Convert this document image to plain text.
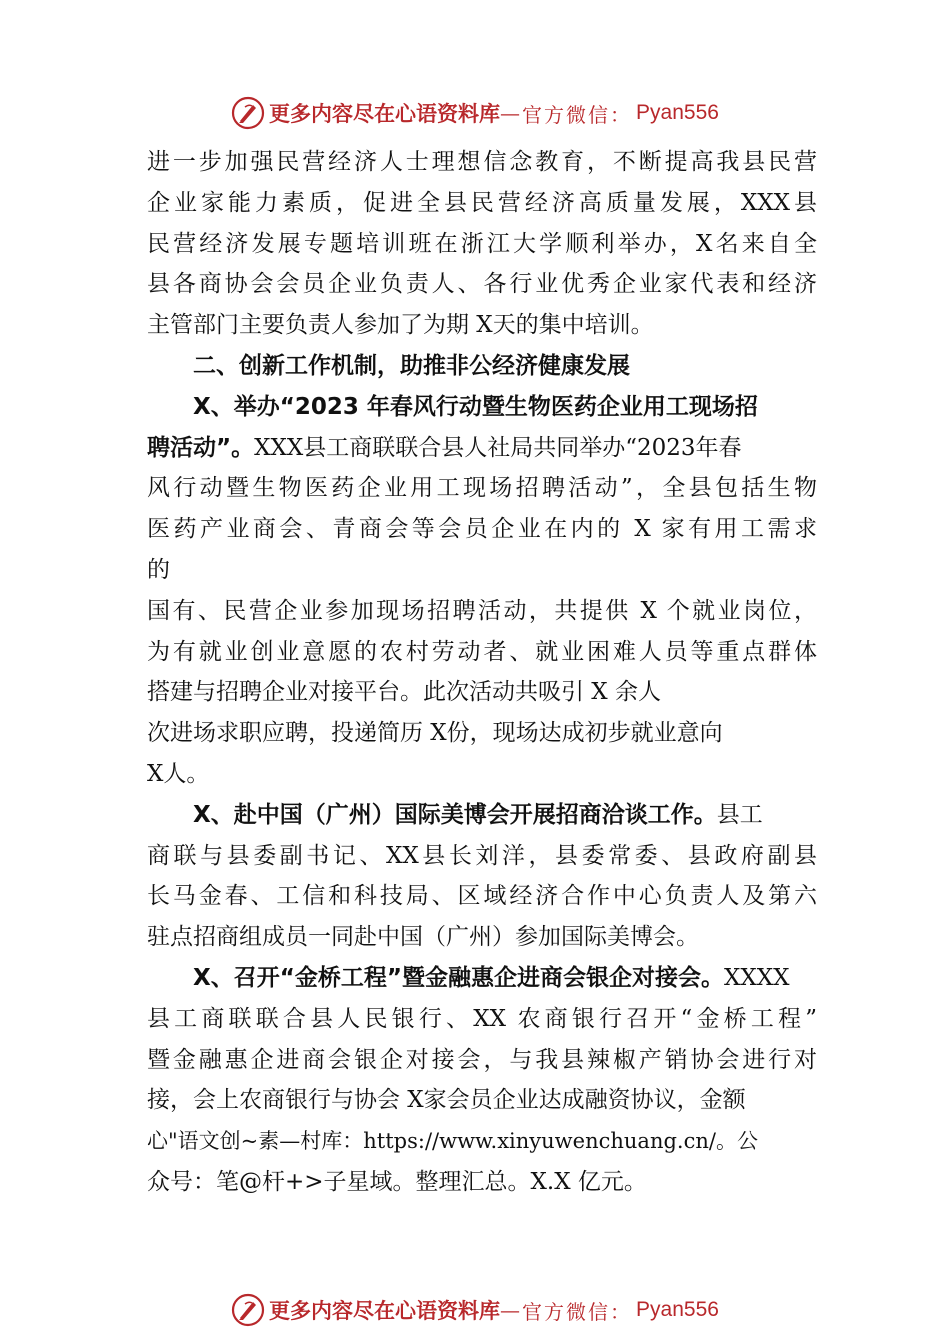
更多内容尽在心语资料库 — 官方微信： Pyan556
进一步加强民营经济人士理想信念教育，不断提高我县民营
企业家能力素质，促进全县民营经济高质量发展，XXX县
民营经济发展专题培训班在浙江大学顺利举办，X名来自全
县各商协会会员企业负责人、各行业优秀企业家代表和经济
主管部门主要负责人参加了为期 X天的集中培训。
二、创新工作机制，助推非公经济健康发展
X、举办“2023 年春风行动暨生物医药企业用工现场招
聘活动”。XXX县工商联联合县人社局共同举办“2023年春
风行动暨生物医药企业用工现场招聘活动”，全县包括生物
医药产业商会、青商会等会员企业在内的 X 家有用工需求
的
国有、民营企业参加现场招聘活动，共提供 X 个就业岗位，
为有就业创业意愿的农村劳动者、就业困难人员等重点群体
搭建与招聘企业对接平台。此次活动共吸引 X 余人
次进场求职应聘，投递简历 X份，现场达成初步就业意向
X人。
X、赴中国（广州）国际美博会开展招商洽谈工作。县工
商联与县委副书记、XX县长刘洋，县委常委、县政府副县
长马金春、工信和科技局、区域经济合作中心负责人及第六
驻点招商组成员一同赴中国（广州）参加国际美博会。
X、召开“金桥工程”暨金融惠企进商会银企对接会。XXXX
县工商联联合县人民银行、XX 农商银行召开“金桥工程”
暨金融惠企进商会银企对接会，与我县辣椒产销协会进行对
接，会上农商银行与协会 X家会员企业达成融资协议，金额
心"语文创~素—村库：https://www.xinyuwenchuang.cn/。公
众号：笔@杆+>子星域。整理汇总。X.X 亿元。
更多内容尽在心语资料库 — 官方微信： Pyan556
